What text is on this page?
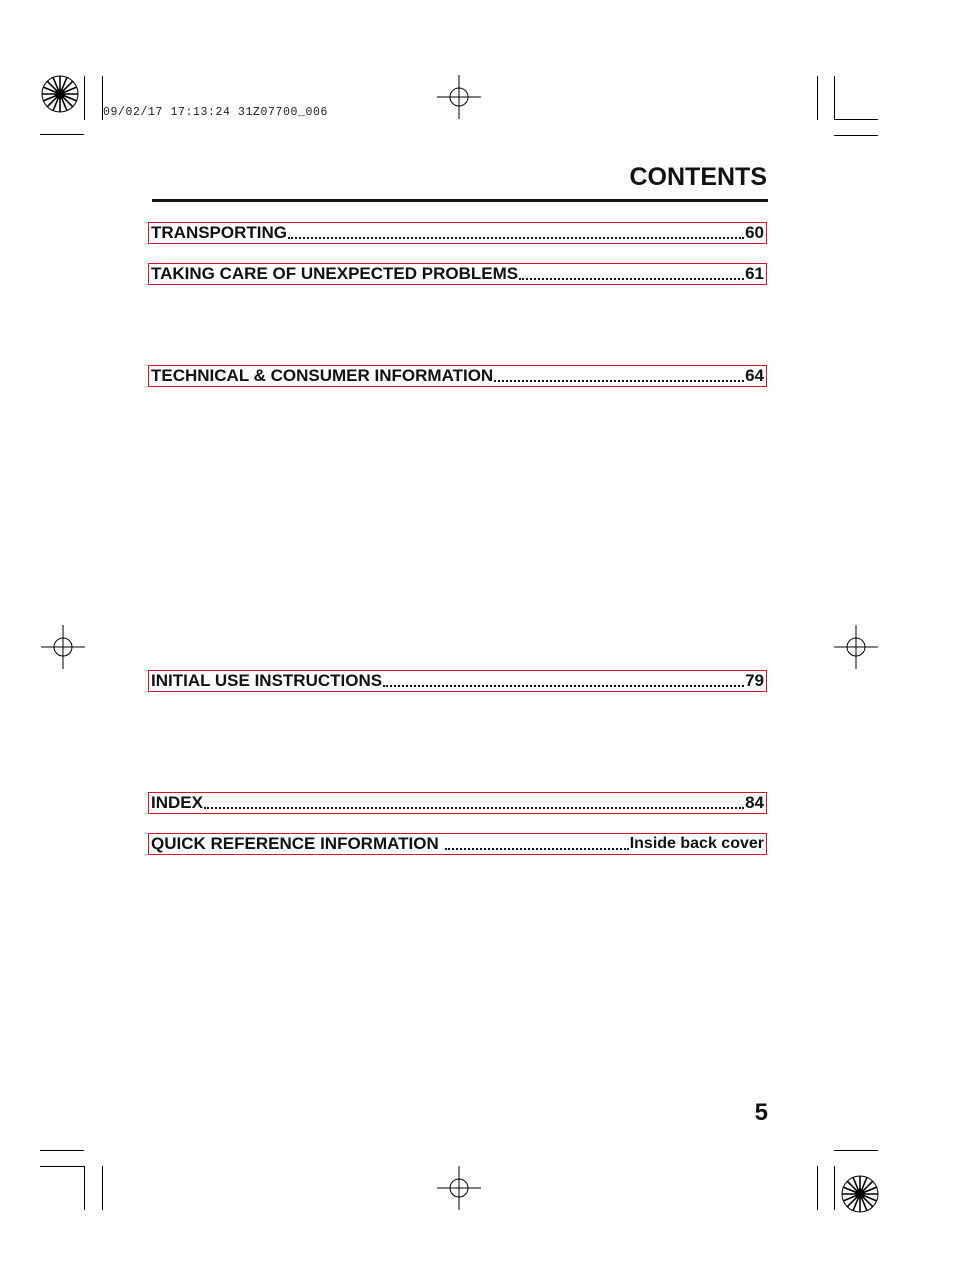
09/02/17 17:13:24 31Z07700_006
CONTENTS
TRANSPORTING	60
TAKING CARE OF UNEXPECTED PROBLEMS	61
TECHNICAL & CONSUMER INFORMATION	64
INITIAL USE INSTRUCTIONS	79
INDEX	84
QUICK REFERENCE INFORMATION	Inside back cover
5
